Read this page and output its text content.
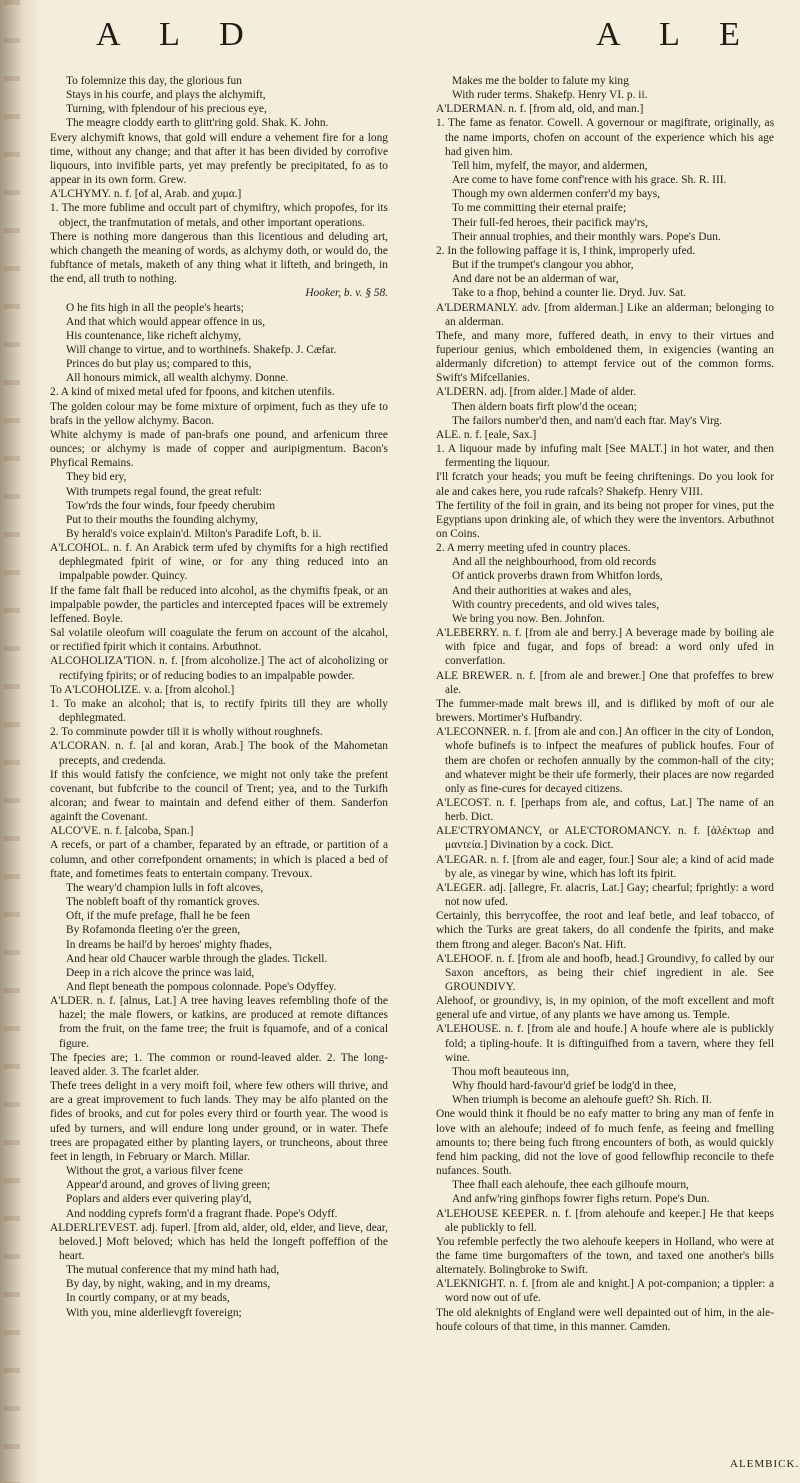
A L D	A L E

To folemnize this day, the glorious fun

Stays in his courfe, and plays the alchymift,

Turning, with fplendour of his precious eye,

The meagre cloddy earth to glitt'ring gold. Shak. K. John.

Every alchymift knows, that gold will endure a vehement fire for a long time, without any change; and that after it has been divided by corrofive liquours, into invifible parts, yet may prefently be precipitated, fo as to appear in its own form. Grew.

A'LCHYMY. n. f. [of al, Arab. and χυμα.]

1. The more fublime and occult part of chymiftry, which propofes, for its object, the tranfmutation of metals, and other important operations.

There is nothing more dangerous than this licentious and deluding art, which changeth the meaning of words, as alchymy doth, or would do, the fubftance of metals, maketh of any thing what it lifteth, and bringeth, in the end, all truth to nothing.

Hooker, b. v. § 58.

O he fits high in all the people's hearts;

And that which would appear offence in us,

His countenance, like richeft alchymy,

Will change to virtue, and to worthinefs. Shakefp. J. Cæfar.

Princes do but play us; compared to this,

All honours mimick, all wealth alchymy. Donne.

2. A kind of mixed metal ufed for fpoons, and kitchen utenfils.

The golden colour may be fome mixture of orpiment, fuch as they ufe to brafs in the yellow alchymy. Bacon.

White alchymy is made of pan-brafs one pound, and arfenicum three ounces; or alchymy is made of copper and auripigmentum. Bacon's Phyfical Remains.

They bid ery,

With trumpets regal found, the great refult:

Tow'rds the four winds, four fpeedy cherubim

Put to their mouths the founding alchymy,

By herald's voice explain'd. Milton's Paradife Loft, b. ii.

A'LCOHOL. n. f. An Arabick term ufed by chymifts for a high rectified dephlegmated fpirit of wine, or for any thing reduced into an impalpable powder. Quincy.

If the fame falt fhall be reduced into alcohol, as the chymifts fpeak, or an impalpable powder, the particles and intercepted fpaces will be extremely leffened. Boyle.

Sal volatile oleofum will coagulate the ferum on account of the alcahol, or rectified fpirit which it contains. Arbuthnot.

ALCOHOLIZA'TION. n. f. [from alcoholize.] The act of alcoholizing or rectifying fpirits; or of reducing bodies to an impalpable powder.

To A'LCOHOLIZE. v. a. [from alcohol.]

1. To make an alcohol; that is, to rectify fpirits till they are wholly dephlegmated.

2. To comminute powder till it is wholly without roughnefs.

A'LCORAN. n. f. [al and koran, Arab.] The book of the Mahometan precepts, and credenda.

If this would fatisfy the confcience, we might not only take the prefent covenant, but fubfcribe to the council of Trent; yea, and to the Turkifh alcoran; and fwear to maintain and defend either of them. Sanderfon againft the Covenant.

ALCO'VE. n. f. [alcoba, Span.]

A recefs, or part of a chamber, feparated by an eftrade, or partition of a column, and other correfpondent ornaments; in which is placed a bed of ftate, and fometimes feats to entertain company. Trevoux.

The weary'd champion lulls in foft alcoves,

The nobleft boaft of thy romantick groves.

Oft, if the mufe prefage, fhall he be feen

By Rofamonda fleeting o'er the green,

In dreams be hail'd by heroes' mighty fhades,

And hear old Chaucer warble through the glades. Tickell.

Deep in a rich alcove the prince was laid,

And flept beneath the pompous colonnade. Pope's Odyffey.

A'LDER. n. f. [alnus, Lat.] A tree having leaves refembling thofe of the hazel; the male flowers, or katkins, are produced at remote diftances from the fruit, on the fame tree; the fruit is fquamofe, and of a conical figure.

The fpecies are; 1. The common or round-leaved alder. 2. The long-leaved alder. 3. The fcarlet alder.

Thefe trees delight in a very moift foil, where few others will thrive, and are a great improvement to fuch lands. They may be alfo planted on the fides of brooks, and cut for poles every third or fourth year. The wood is ufed by turners, and will endure long under ground, or in water. Thefe trees are propagated either by planting layers, or truncheons, about three feet in length, in February or March. Millar.

Without the grot, a various filver fcene

Appear'd around, and groves of living green;

Poplars and alders ever quivering play'd,

And nodding cyprefs form'd a fragrant fhade. Pope's Odyff.

ALDERLI'EVEST. adj. fuperl. [from ald, alder, old, elder, and lieve, dear, beloved.] Moft beloved; which has held the longeft poffeffion of the heart.

The mutual conference that my mind hath had,

By day, by night, waking, and in my dreams,

In courtly company, or at my beads,

With you, mine alderlievgft fovereign;

Makes me the bolder to falute my king

With ruder terms. Shakefp. Henry VI. p. ii.

A'LDERMAN. n. f. [from ald, old, and man.]

1. The fame as fenator. Cowell. A governour or magiftrate, originally, as the name imports, chofen on account of the experience which his age had given him.

Tell him, myfelf, the mayor, and aldermen,

Are come to have fome conf'rence with his grace. Sh. R. III.

Though my own aldermen conferr'd my bays,

To me committing their eternal praife;

Their full-fed heroes, their pacifick may'rs,

Their annual trophies, and their monthly wars. Pope's Dun.

2. In the following paffage it is, I think, improperly ufed.

But if the trumpet's clangour you abhor,

And dare not be an alderman of war,

Take to a fhop, behind a counter lie. Dryd. Juv. Sat.

A'LDERMANLY. adv. [from alderman.] Like an alderman; belonging to an alderman.

Thefe, and many more, fuffered death, in envy to their virtues and fuperiour genius, which emboldened them, in exigencies (wanting an aldermanly difcretion) to attempt fervice out of the common forms. Swift's Mifcellanies.

A'LDERN. adj. [from alder.] Made of alder.

Then aldern boats firft plow'd the ocean;

The failors number'd then, and nam'd each ftar. May's Virg.

ALE. n. f. [eale, Sax.]

1. A liquour made by infufing malt [See MALT.] in hot water, and then fermenting the liquour.

I'll fcratch your heads; you muft be feeing chriftenings. Do you look for ale and cakes here, you rude rafcals? Shakefp. Henry VIII.

The fertility of the foil in grain, and its being not proper for vines, put the Egyptians upon drinking ale, of which they were the inventors. Arbuthnot on Coins.

2. A merry meeting ufed in country places.

And all the neighbourhood, from old records

Of antick proverbs drawn from Whitfon lords,

And their authorities at wakes and ales,

With country precedents, and old wives tales,

We bring you now. Ben. Johnfon.

A'LEBERRY. n. f. [from ale and berry.] A beverage made by boiling ale with fpice and fugar, and fops of bread: a word only ufed in converfation.

ALE BREWER. n. f. [from ale and brewer.] One that profeffes to brew ale.

The fummer-made malt brews ill, and is difliked by moft of our ale brewers. Mortimer's Hufbandry.

A'LECONNER. n. f. [from ale and con.] An officer in the city of London, whofe bufinefs is to infpect the meafures of publick houfes. Four of them are chofen or rechofen annually by the common-hall of the city; and whatever might be their ufe formerly, their places are now regarded only as fine-cures for decayed citizens.

A'LECOST. n. f. [perhaps from ale, and coftus, Lat.] The name of an herb. Dict.

ALE'CTRYOMANCY, or ALE'CTOROMANCY. n. f. [ἀλέκτωρ and μαντεία.] Divination by a cock. Dict.

A'LEGAR. n. f. [from ale and eager, four.] Sour ale; a kind of acid made by ale, as vinegar by wine, which has loft its fpirit.

A'LEGER. adj. [allegre, Fr. alacris, Lat.] Gay; chearful; fprightly: a word not now ufed.

Certainly, this berrycoffee, the root and leaf betle, and leaf tobacco, of which the Turks are great takers, do all condenfe the fpirits, and make them ftrong and aleger. Bacon's Nat. Hift.

A'LEHOOF. n. f. [from ale and hoofb, head.] Groundivy, fo called by our Saxon anceftors, as being their chief ingredient in ale. See GROUNDIVY.

Alehoof, or groundivy, is, in my opinion, of the moft excellent and moft general ufe and virtue, of any plants we have among us. Temple.

A'LEHOUSE. n. f. [from ale and houfe.] A houfe where ale is publickly fold; a tipling-houfe. It is diftinguifhed from a tavern, where they fell wine.

Thou moft beauteous inn,

Why fhould hard-favour'd grief be lodg'd in thee,

When triumph is become an alehoufe gueft? Sh. Rich. II.

One would think it fhould be no eafy matter to bring any man of fenfe in love with an alehoufe; indeed of fo much fenfe, as feeing and fmelling amounts to; there being fuch ftrong encounters of both, as would quickly fend him packing, did not the love of good fellowfhip reconcile to thefe nufances. South.

Thee fhall each alehoufe, thee each gilhoufe mourn,

And anfw'ring ginfhops fowrer fighs return. Pope's Dun.

A'LEHOUSE KEEPER. n. f. [from alehoufe and keeper.] He that keeps ale publickly to fell.

You refemble perfectly the two alehoufe keepers in Holland, who were at the fame time burgomafters of the town, and taxed one another's bills alternately. Bolingbroke to Swift.

A'LEKNIGHT. n. f. [from ale and knight.] A pot-companion; a tippler: a word now out of ufe.

The old aleknights of England were well depainted out of him, in the ale-houfe colours of that time, in this manner. Camden.

ALEMBICK.
